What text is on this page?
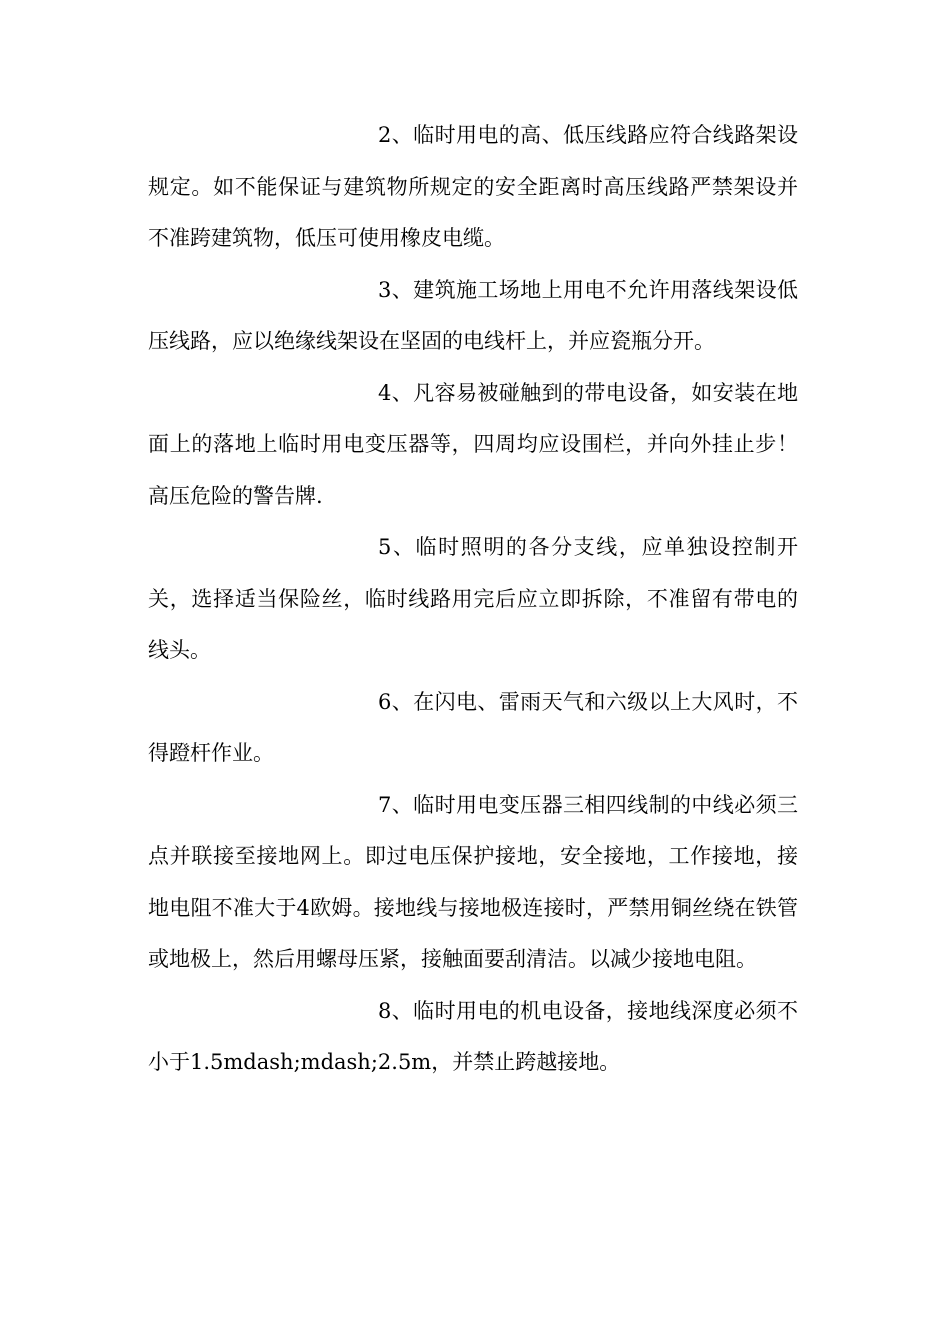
2、临时用电的高、低压线路应符合线路架设规定。如不能保证与建筑物所规定的安全距离时高压线路严禁架设并不准跨建筑物，低压可使用橡皮电缆。

3、建筑施工场地上用电不允许用落线架设低压线路，应以绝缘线架设在坚固的电线杆上，并应瓷瓶分开。

4、凡容易被碰触到的带电设备，如安装在地面上的落地上临时用电变压器等，四周均应设围栏，并向外挂止步！高压危险的警告牌.

5、临时照明的各分支线，应单独设控制开关，选择适当保险丝，临时线路用完后应立即拆除，不准留有带电的线头。

6、在闪电、雷雨天气和六级以上大风时，不得蹬杆作业。

7、临时用电变压器三相四线制的中线必须三点并联接至接地网上。即过电压保护接地，安全接地，工作接地，接地电阻不准大于4欧姆。接地线与接地极连接时，严禁用铜丝绕在铁管或地极上，然后用螺母压紧，接触面要刮清洁。以减少接地电阻。

8、临时用电的机电设备，接地线深度必须不小于1.5mdash;mdash;2.5m，并禁止跨越接地。
